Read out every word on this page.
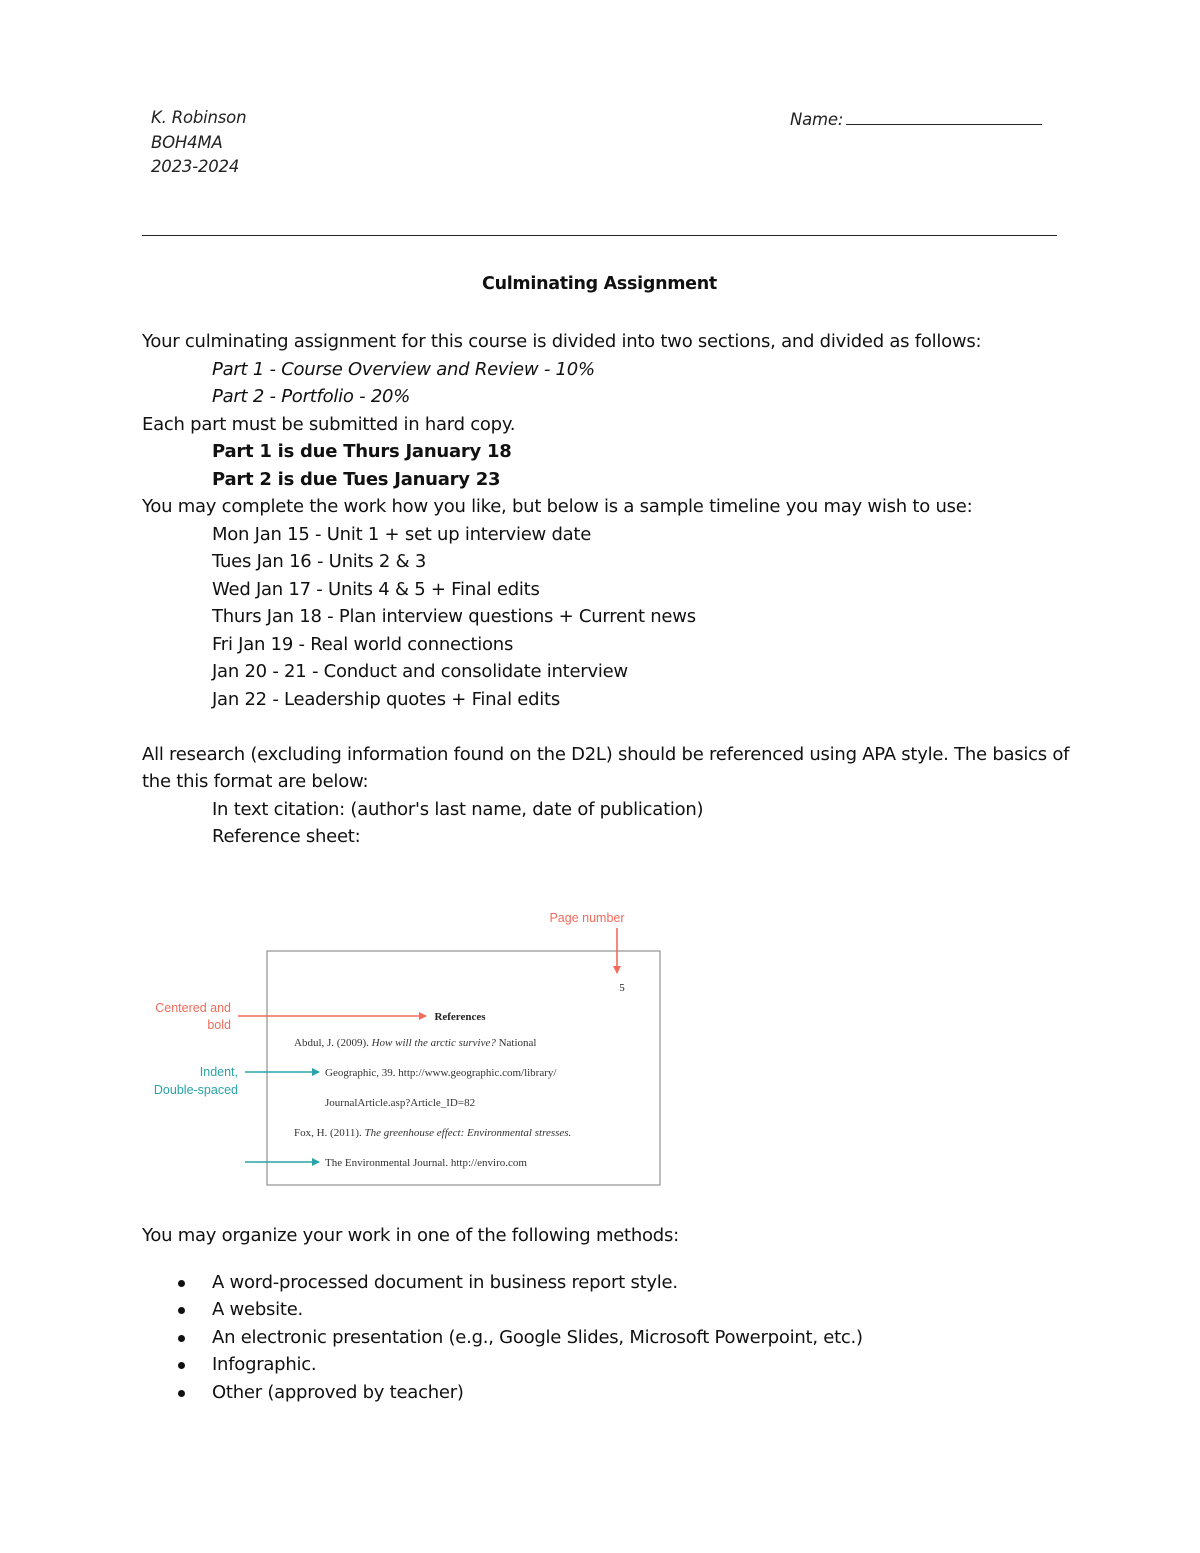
K. Robinson
BOH4MA
2023-2024
Name:
Culminating Assignment

Your culminating assignment for this course is divided into two sections, and divided as follows:

Part 1 - Course Overview and Review - 10%

Part 2 - Portfolio - 20%

Each part must be submitted in hard copy.

Part 1 is due Thurs January 18

Part 2 is due Tues January 23

You may complete the work how you like, but below is a sample timeline you may wish to use:

Mon Jan 15 - Unit 1 + set up interview date

Tues Jan 16 - Units 2 & 3

Wed Jan 17 - Units 4 & 5 + Final edits

Thurs Jan 18 - Plan interview questions + Current news

Fri Jan 19 - Real world connections

Jan 20 - 21 - Conduct and consolidate interview

Jan 22 - Leadership quotes + Final edits

All research (excluding information found on the D2L) should be referenced using APA style. The basics of the this format are below:

In text citation: (author's last name, date of publication)

Reference sheet:

Page number
5
Centered and
bold
References
Abdul, J. (2009). How will the arctic survive? National
Indent,
Double-spaced
Geographic, 39. http://www.geographic.com/library/
JournalArticle.asp?Article_ID=82
Fox, H. (2011). The greenhouse effect: Environmental stresses.
The Environmental Journal. http://enviro.com

You may organize your work in one of the following methods:

A word-processed document in business report style.
A website.
An electronic presentation (e.g., Google Slides, Microsoft Powerpoint, etc.)
Infographic.
Other (approved by teacher)
